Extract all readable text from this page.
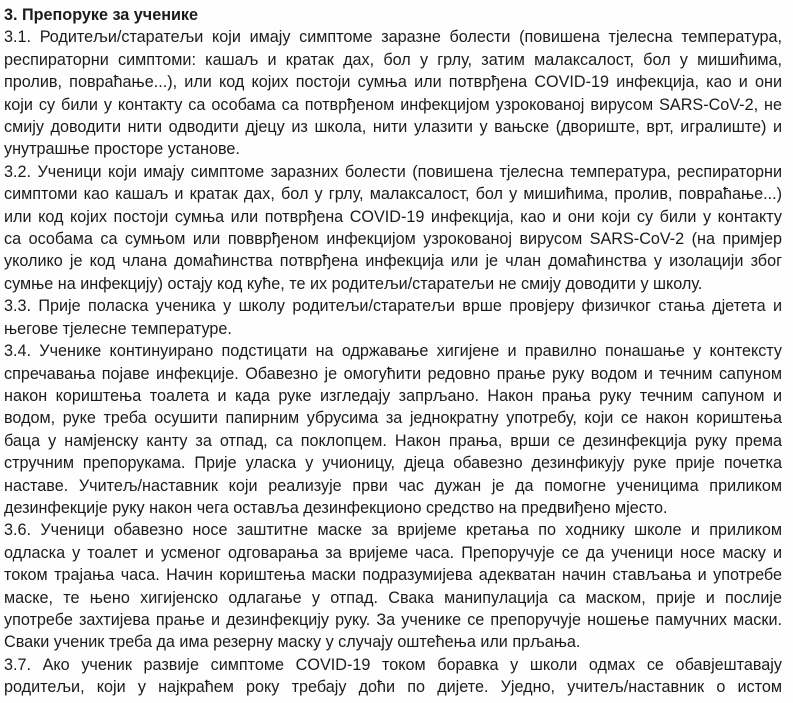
3. Препоруке за ученике
3.1. Родитељи/старатељи који имају симптоме заразне болести (повишена тјелесна температура,
респираторни симптоми: кашаљ и кратак дах, бол у грлу, затим малаксалост, бол у мишићима,
пролив, повраћање...), или код којих постоји сумња или потврђена COVID-19 инфекција, као и они
који су били у контакту са особама са потврђеном инфекцијом узрокованој вирусом SARS-CoV-2, не
смију доводити нити одводити дјецу из школа, нити улазити у вањске (двориште, врт, игралиште) и
унутрашње просторе установе.
3.2. Ученици који имају симптоме заразних болести (повишена тјелесна температура, респираторни
симптоми као кашаљ и кратак дах, бол у грлу, малаксалост, бол у мишићима, пролив, повраћање...)
или код којих постоји сумња или потврђена COVID-19 инфекција, као и они који су били у контакту
са особама са сумњом или повврђеном инфекцијом узрокованој вирусом SARS-CoV-2 (на примјер
уколико је код члана домаћинства потврђена инфекција или је члан домаћинства у изолацији због
сумње на инфекцију) остају код куће, те их родитељи/старатељи не смију доводити у школу.
3.3. Прије поласка ученика у школу родитељи/старатељи врше провјеру физичког стања дјетета и
његове тјелесне температуре.
3.4. Ученике континуирано подстицати на одржавање хигијене и правилно понашање у контексту
спречавања појаве инфекције. Обавезно је омогућити редовно прање руку водом и течним сапуном
након кориштења тоалета и када руке изгледају запрљано. Након прања руку течним сапуном и
водом, руке треба осушити папирним убрусима за једнократну употребу, који се након кориштења
баца у намјенску канту за отпад, са поклопцем. Након прања, врши се дезинфекција руку према
стручним препорукама. Прије уласка у учионицу, дјеца обавезно дезинфикују руке прије почетка
наставе. Учитељ/наставник који реализује први час дужан је да помогне ученицима приликом
дезинфекције руку након чега оставља дезинфекционо средство на предвиђено мјесто.
3.6. Ученици обавезно носе заштитне маске за вријеме кретања по ходнику школе и приликом
одласка у тоалет и усменог одговарања за вријеме часа. Препоручује се да ученици носе маску и
током трајања часа. Начин кориштења маски подразумијева адекватан начин стављања и употребе
маске, те њено хигијенско одлагање у отпад. Свака манипулација са маском, прије и послије
употребе захтијева прање и дезинфекцију руку. За ученике се препоручује ношење памучних маски.
Сваки ученик треба да има резерну маску у случају оштећења или прљања.
3.7. Ако ученик развије симптоме COVID-19 током боравка у школи одмах се обавјештавају
родитељи, који у најкраћем року требају доћи по дијете. Уједно, учитељ/наставник о истом
